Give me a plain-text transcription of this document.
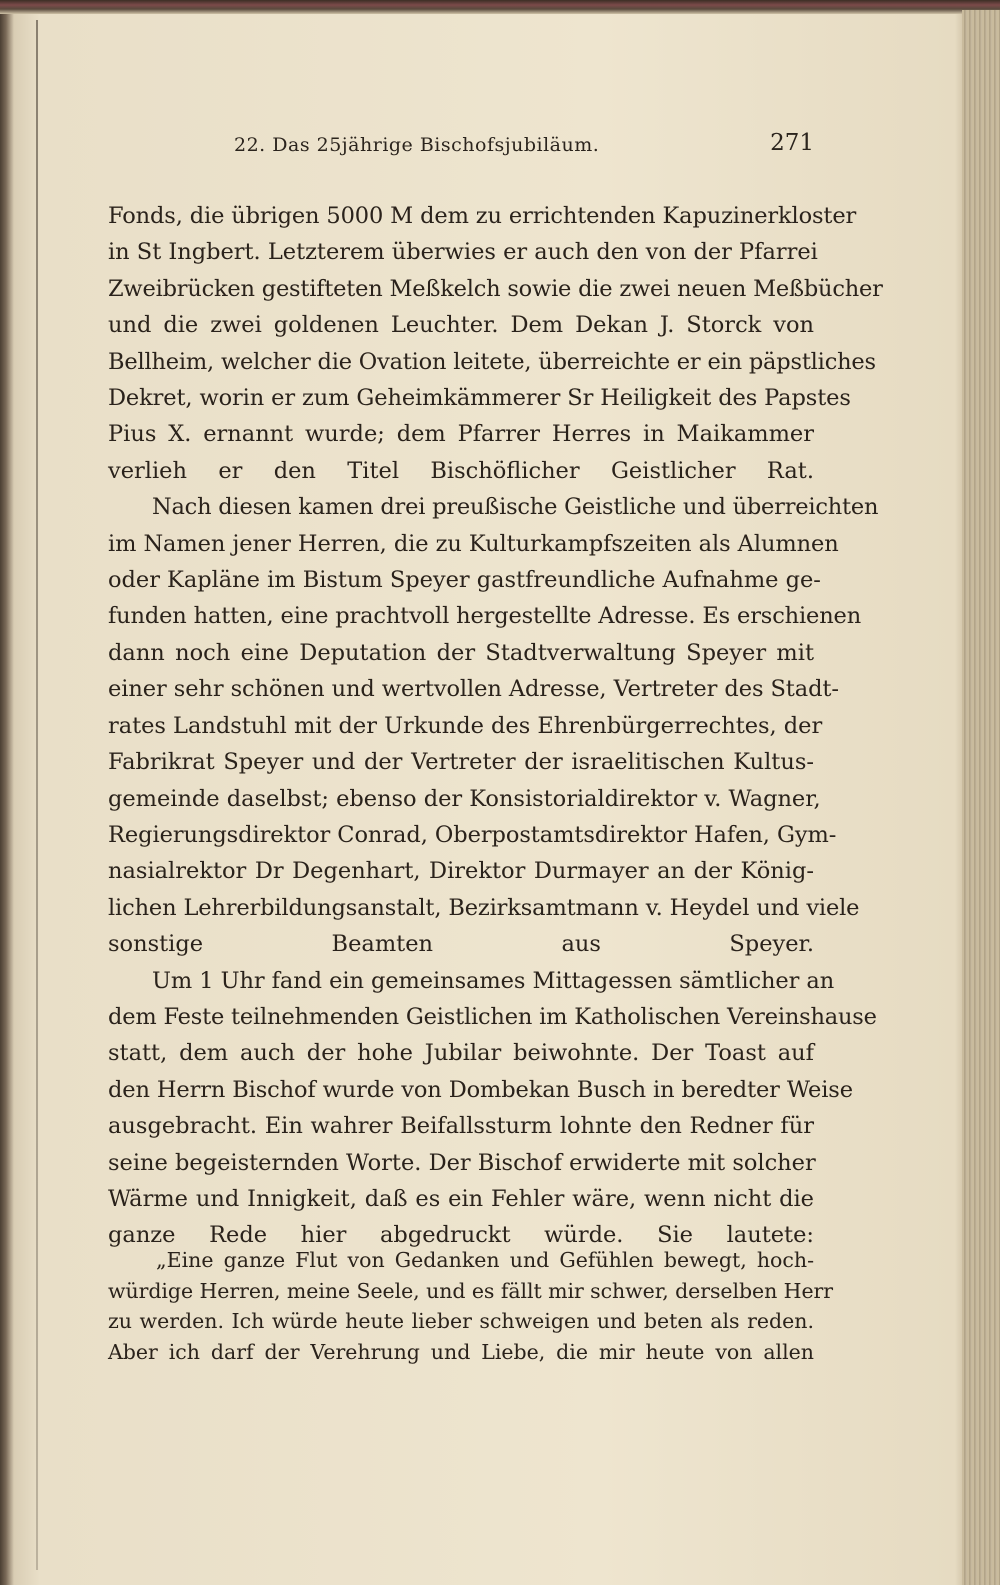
22. Das 25jährige Bischofsjubiläum.	271

Fonds, die übrigen 5000 M dem zu errichtenden Kapuzinerkloster
in St Ingbert. Letzterem überwies er auch den von der Pfarrei
Zweibrücken gestifteten Meßkelch sowie die zwei neuen Meßbücher
und die zwei goldenen Leuchter. Dem Dekan J. Storck von
Bellheim, welcher die Ovation leitete, überreichte er ein päpstliches
Dekret, worin er zum Geheimkämmerer Sr Heiligkeit des Papstes
Pius X. ernannt wurde; dem Pfarrer Herres in Maikammer
verlieh er den Titel Bischöflicher Geistlicher Rat.

Nach diesen kamen drei preußische Geistliche und überreichten
im Namen jener Herren, die zu Kulturkampfszeiten als Alumnen
oder Kapläne im Bistum Speyer gastfreundliche Aufnahme ge-
funden hatten, eine prachtvoll hergestellte Adresse. Es erschienen
dann noch eine Deputation der Stadtverwaltung Speyer mit
einer sehr schönen und wertvollen Adresse, Vertreter des Stadt-
rates Landstuhl mit der Urkunde des Ehrenbürgerrechtes, der
Fabrikrat Speyer und der Vertreter der israelitischen Kultus-
gemeinde daselbst; ebenso der Konsistorialdirektor v. Wagner,
Regierungsdirektor Conrad, Oberpostamtsdirektor Hafen, Gym-
nasialrektor Dr Degenhart, Direktor Durmayer an der König-
lichen Lehrerbildungsanstalt, Bezirksamtmann v. Heydel und viele
sonstige Beamten aus Speyer.

Um 1 Uhr fand ein gemeinsames Mittagessen sämtlicher an
dem Feste teilnehmenden Geistlichen im Katholischen Vereinshause
statt, dem auch der hohe Jubilar beiwohnte. Der Toast auf
den Herrn Bischof wurde von Dombekan Busch in beredter Weise
ausgebracht. Ein wahrer Beifallssturm lohnte den Redner für
seine begeisternden Worte. Der Bischof erwiderte mit solcher
Wärme und Innigkeit, daß es ein Fehler wäre, wenn nicht die
ganze Rede hier abgedruckt würde. Sie lautete:

„Eine ganze Flut von Gedanken und Gefühlen bewegt, hoch-
würdige Herren, meine Seele, und es fällt mir schwer, derselben Herr
zu werden. Ich würde heute lieber schweigen und beten als reden.
Aber ich darf der Verehrung und Liebe, die mir heute von allen
